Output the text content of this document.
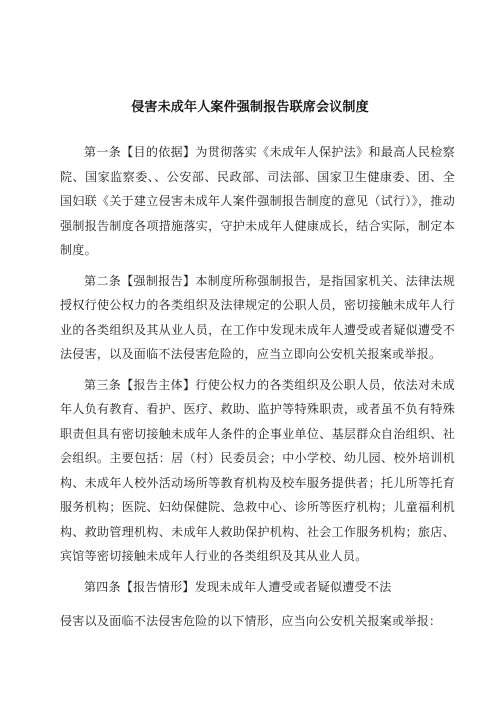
侵害未成年人案件强制报告联席会议制度

第一条【目的依据】为贯彻落实《未成年人保护法》和最高人民检察院、国家监察委、、公安部、民政部、司法部、国家卫生健康委、团、全国妇联《关于建立侵害未成年人案件强制报告制度的意见（试行）》，推动强制报告制度各项措施落实，守护未成年人健康成长，结合实际，制定本制度。

第二条【强制报告】本制度所称强制报告，是指国家机关、法律法规授权行使公权力的各类组织及法律规定的公职人员，密切接触未成年人行业的各类组织及其从业人员，在工作中发现未成年人遭受或者疑似遭受不法侵害，以及面临不法侵害危险的，应当立即向公安机关报案或举报。

第三条【报告主体】行使公权力的各类组织及公职人员，依法对未成年人负有教育、看护、医疗、救助、监护等特殊职责，或者虽不负有特殊职责但具有密切接触未成年人条件的企事业单位、基层群众自治组织、社会组织。主要包括：居（村）民委员会；中小学校、幼儿园、校外培训机构、未成年人校外活动场所等教育机构及校车服务提供者；托儿所等托育服务机构；医院、妇幼保健院、急救中心、诊所等医疗机构；儿童福利机构、救助管理机构、未成年人救助保护机构、社会工作服务机构；旅店、宾馆等密切接触未成年人行业的各类组织及其从业人员。

第四条【报告情形】发现未成年人遭受或者疑似遭受不法

侵害以及面临不法侵害危险的以下情形，应当向公安机关报案或举报：
